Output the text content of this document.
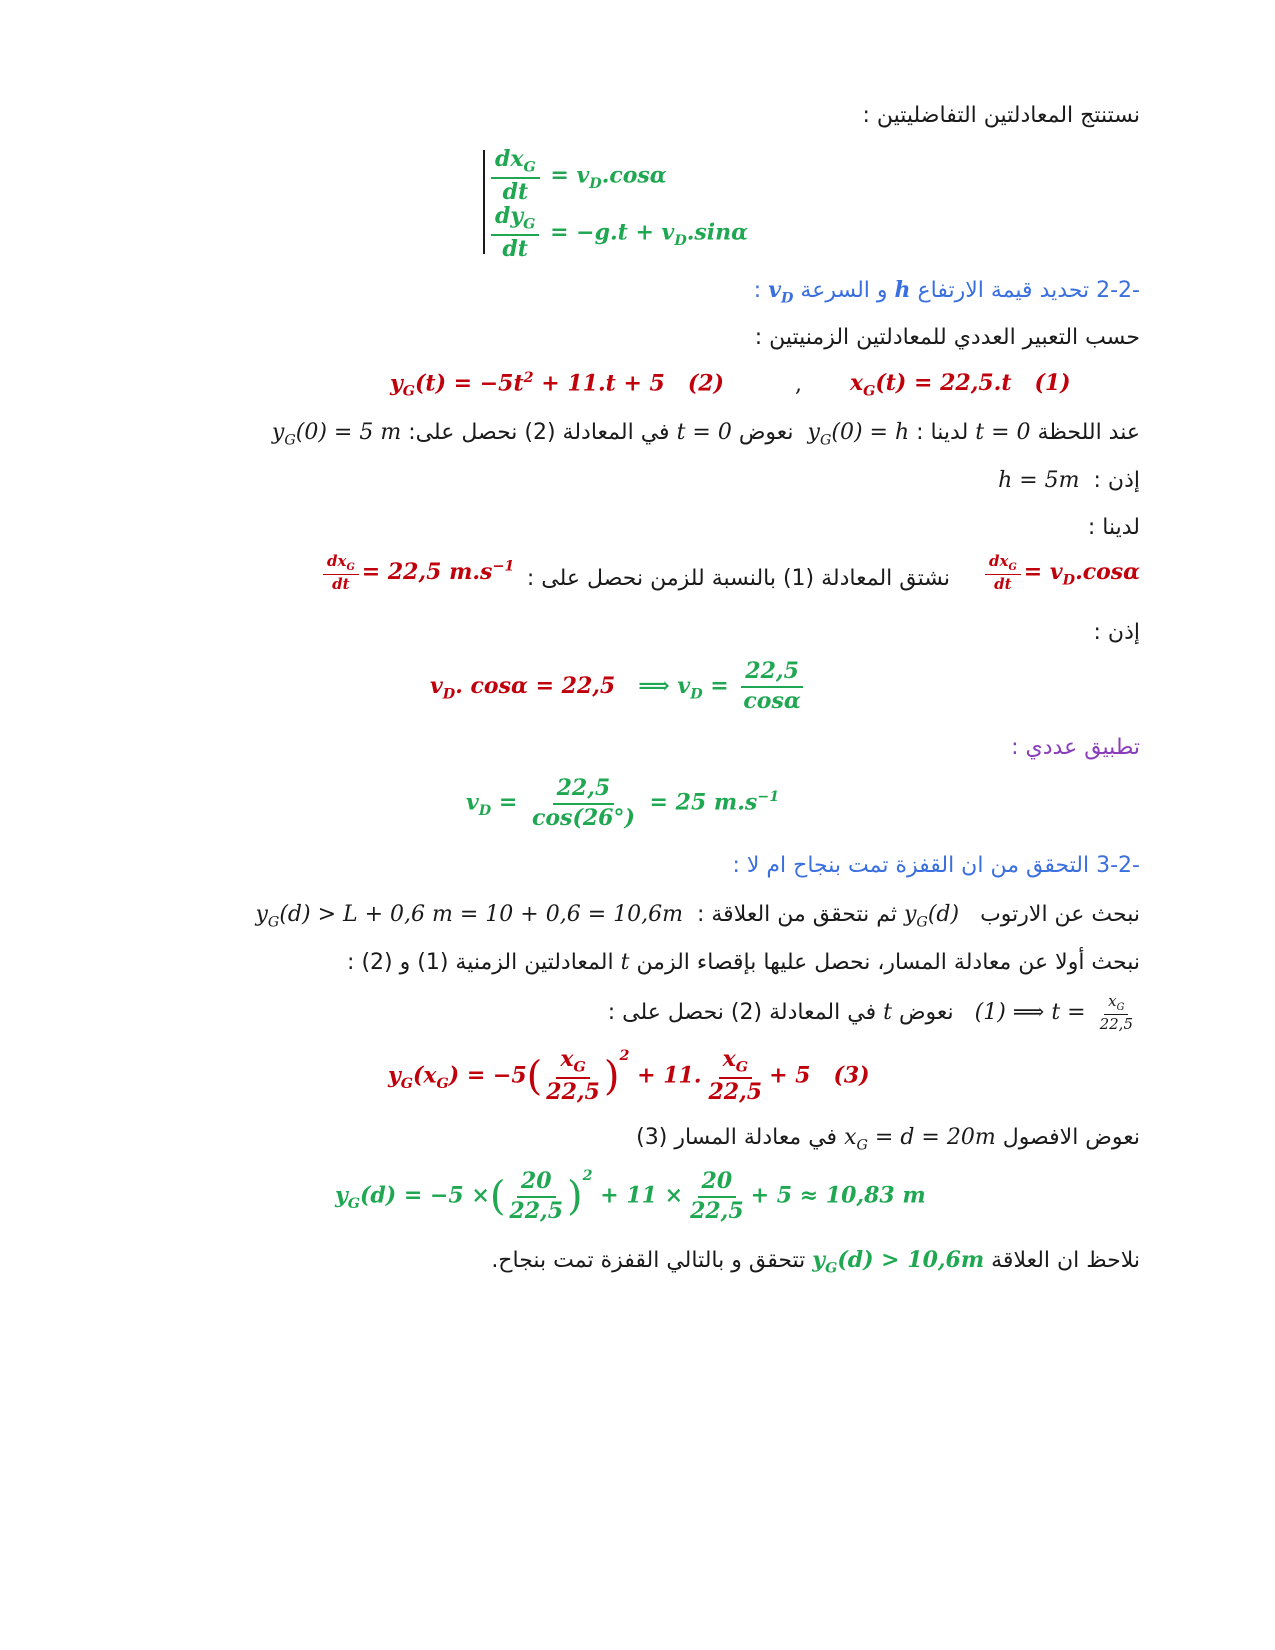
نستنتج المعادلتين التفاضليتين :
$\frac{dx_G}{dt} = v_D.\cos\alpha$
$\frac{dy_G}{dt} = -g.t + v_D.\sin\alpha$
-2-2 تحديد قيمة الارتفاع h و السرعة $v_D$ :
حسب التعبير العددي للمعادلتين الزمنيتين :
$y_G(t) = -5t^2 + 11.t + 5$ (2)	, $x_G(t) = 22,5.t$ (1)
عند اللحظة t = 0 لدينا : $y_G(0) = h$  نعوض t = 0 في المعادلة (2) نحصل على: $y_G(0) = 5$ m
إذن :  h = 5m
لدينا :
$\frac{dx_G}{dt} = v_D.\cos\alpha$
نشتق المعادلة (1) بالنسبة للزمن نحصل على :
$\frac{dx_G}{dt} = 22,5$ $m.s^{-1}$
إذن :
$v_D$. cosα = 22,5 ⟹ $v_D = \frac{22,5}{\cos\alpha}$
تطبيق عددي :
$v_D = \frac{22,5}{\cos(26^\circ)} = 25$ $m.s^{-1}$
-3-2 التحقق من ان القفزة تمت بنجاح ام لا :
نبحث عن الارتوب   $y_G(d)$ ثم نتحقق من العلاقة :  $y_G(d) > L + 0,6$ m = 10 + 0,6 = 10,6m
نبحث أولا عن معادلة المسار، نحصل عليها بإقصاء الزمن t المعادلتين الزمنية (1) و (2) :
(1) ⟹ $t = \frac{x_G}{22,5}$
نعوض t في المعادلة (2) نحصل على :
$y_G(x_G) = -5( \frac{x_G}{22,5} )^2 + 11$. $\frac{x_G}{22,5} + 5$ (3)
نعوض الافصول $x_G = d = 20m$ في معادلة المسار (3)
$y_G(d) = -5$ ×( $\frac{20}{22,5} )^2 + 11 \times \frac{20}{22,5} + 5 \approx 10,83$ m
نلاحظ ان العلاقة $y_G(d) > 10,6m$ تتحقق و بالتالي القفزة تمت بنجاح.
